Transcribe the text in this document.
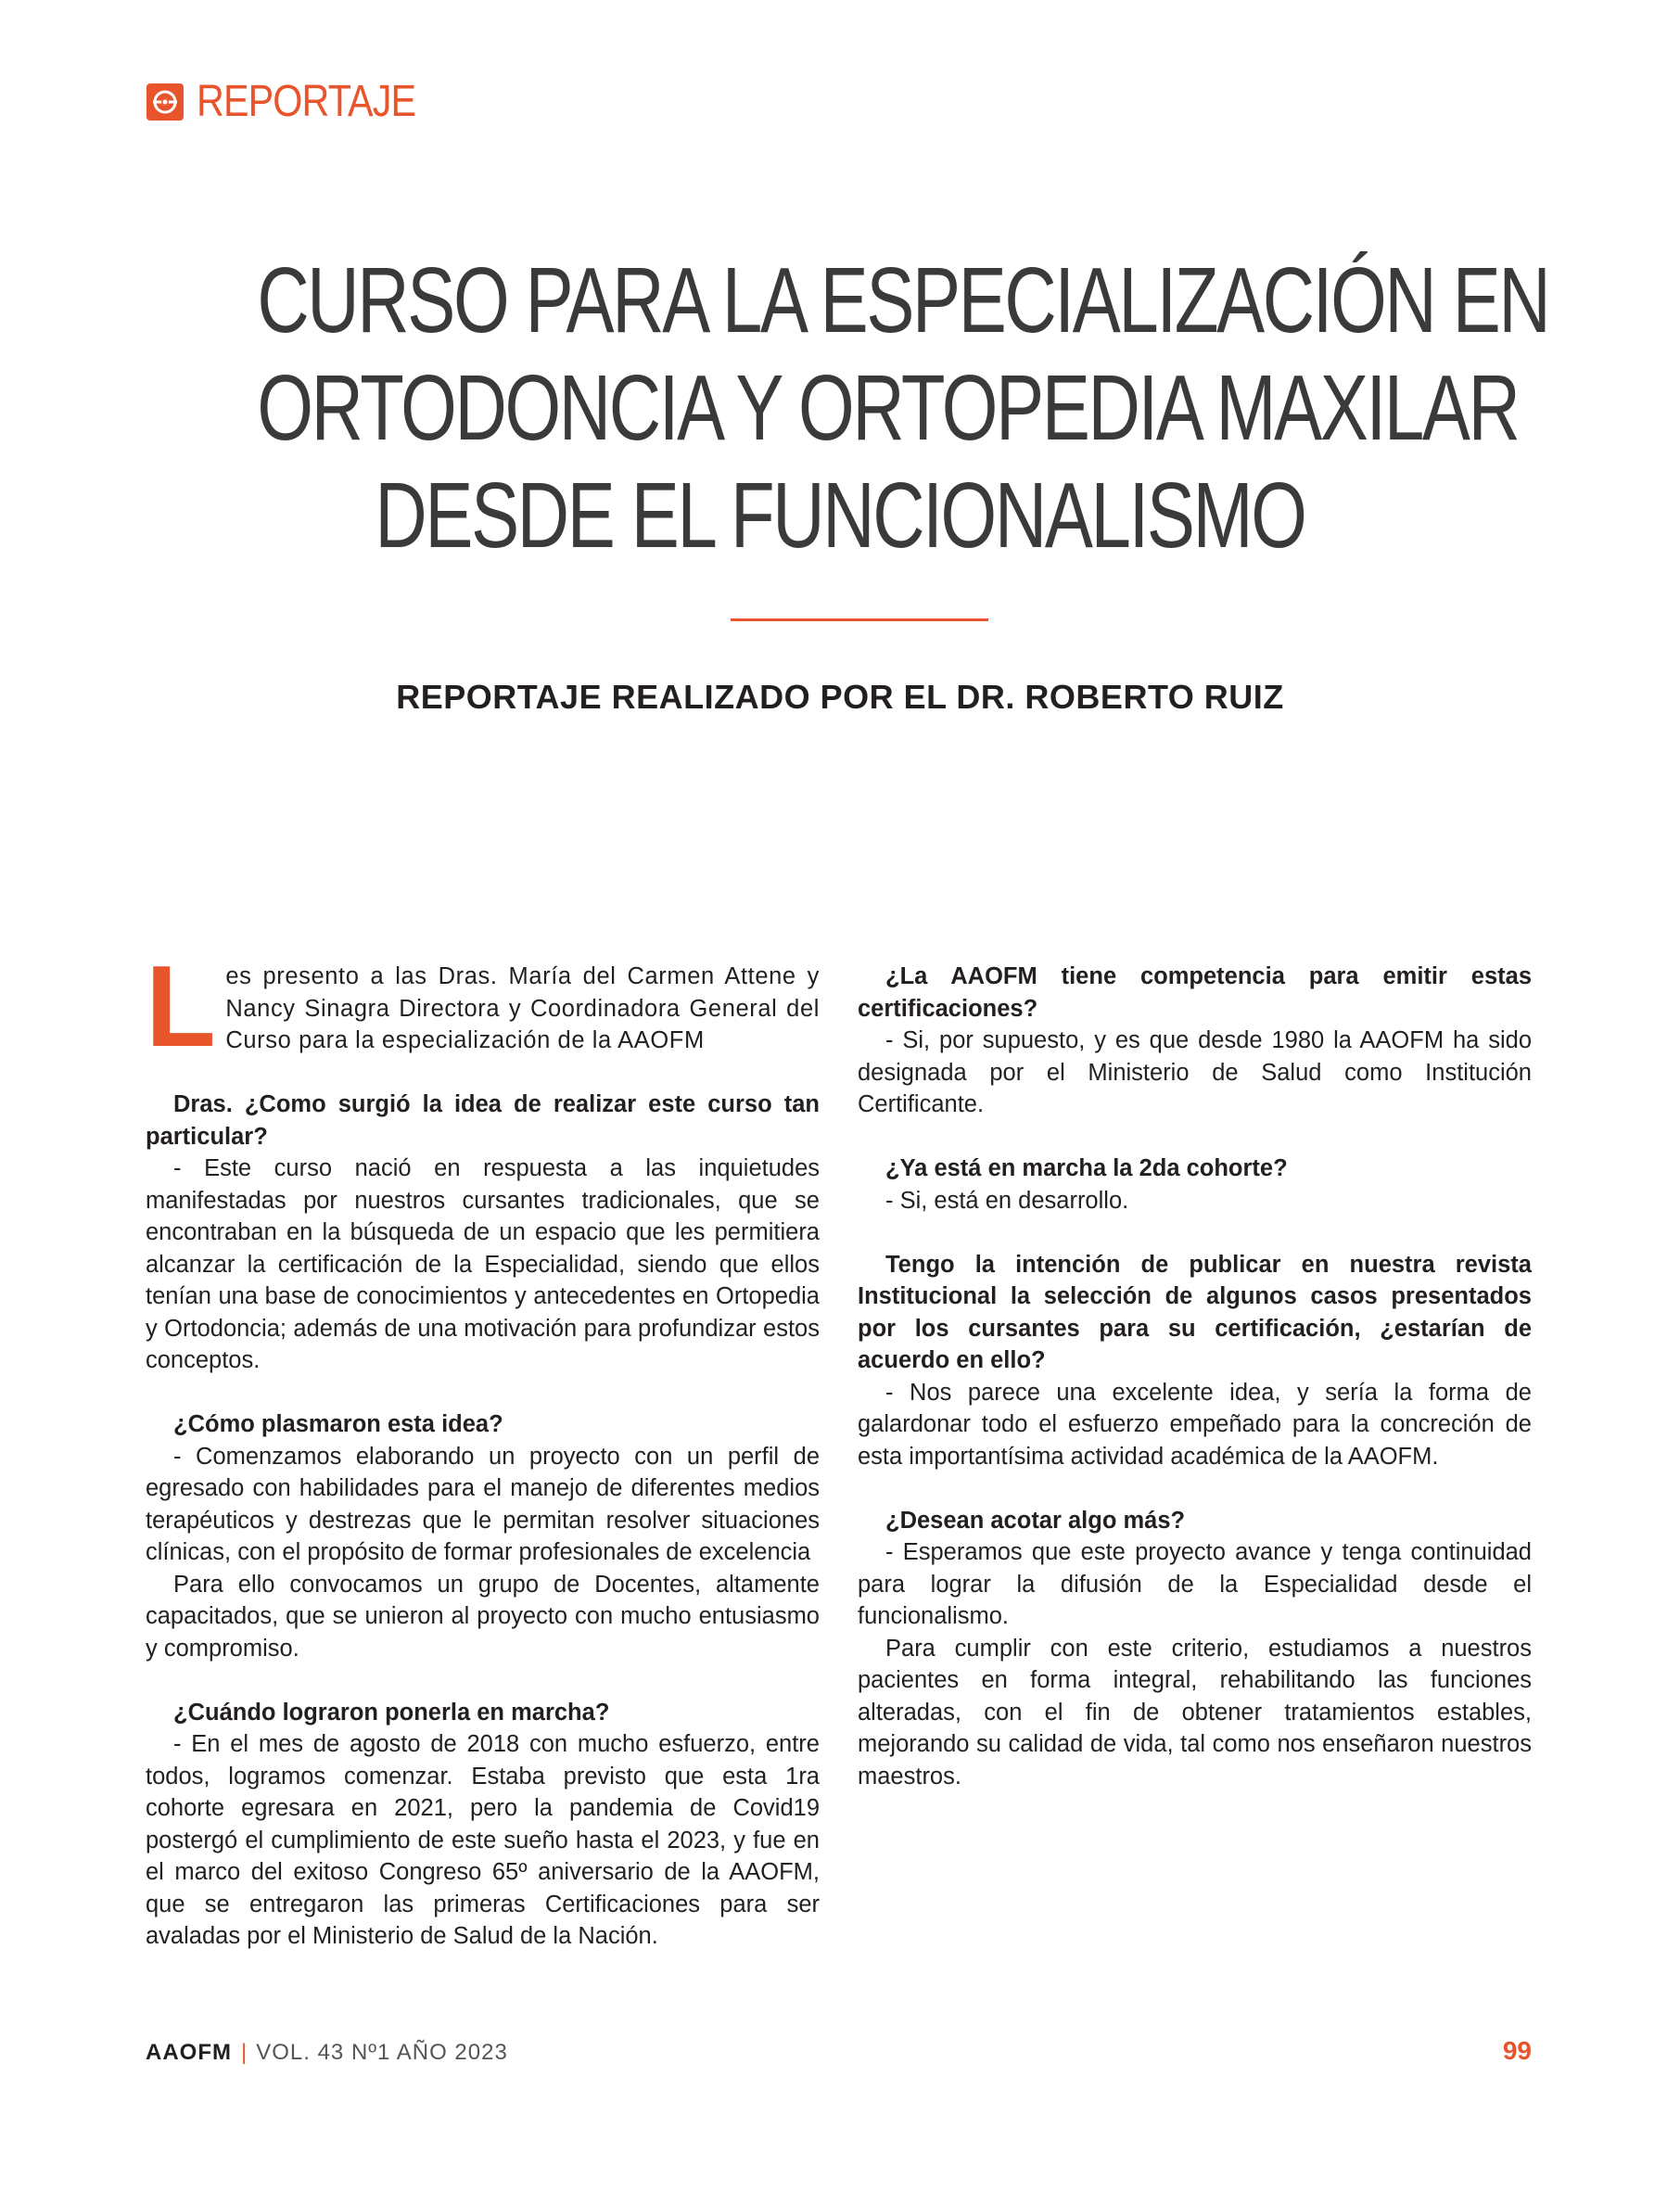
REPORTAJE
CURSO PARA LA ESPECIALIZACIÓN EN
ORTODONCIA Y ORTOPEDIA MAXILAR
DESDE EL FUNCIONALISMO
REPORTAJE REALIZADO POR EL DR. ROBERTO RUIZ

Les presento a las Dras. María del Carmen Attene y Nancy Sinagra Directora y Coordinadora General del Curso para la especialización de la AAOFM

Dras. ¿Como surgió la idea de realizar este curso tan particular?

- Este curso nació en respuesta a las inquietudes manifestadas por nuestros cursantes tradicionales, que se encontraban en la búsqueda de un espacio que les permitiera alcanzar la certificación de la Especialidad, siendo que ellos tenían una base de conocimientos y antecedentes en Ortopedia y Ortodoncia; además de una motivación para profundizar estos conceptos.

¿Cómo plasmaron esta idea?

- Comenzamos elaborando un proyecto con un perfil de egresado con habilidades para el manejo de diferentes medios terapéuticos y destrezas que le permitan resolver situaciones clínicas, con el propósito de formar profesionales de excelencia

Para ello convocamos un grupo de Docentes, altamente capacitados, que se unieron al proyecto con mucho entusiasmo y compromiso.

¿Cuándo lograron ponerla en marcha?

- En el mes de agosto de 2018 con mucho esfuerzo, entre todos, logramos comenzar. Estaba previsto que esta 1ra cohorte egresara en 2021, pero la pandemia de Covid19 postergó el cumplimiento de este sueño hasta el 2023, y fue en el marco del exitoso Congreso 65º aniversario de la AAOFM, que se entregaron las primeras Certificaciones para ser avaladas por el Ministerio de Salud de la Nación.

¿La AAOFM tiene competencia para emitir estas certificaciones?

- Si, por supuesto, y es que desde 1980 la AAOFM ha sido designada por el Ministerio de Salud como Institución Certificante.

¿Ya está en marcha la 2da cohorte?

- Si, está en desarrollo.

Tengo la intención de publicar en nuestra revista Institucional la selección de algunos casos presentados por los cursantes para su certificación, ¿estarían de acuerdo en ello?

- Nos parece una excelente idea, y sería la forma de galardonar todo el esfuerzo empeñado para la concreción de esta importantísima actividad académica de la AAOFM.

¿Desean acotar algo más?

- Esperamos que este proyecto avance y tenga continuidad para lograr la difusión de la Especialidad desde el funcionalismo.

Para cumplir con este criterio, estudiamos a nuestros pacientes en forma integral, rehabilitando las funciones alteradas, con el fin de obtener tratamientos estables, mejorando su calidad de vida, tal como nos enseñaron nuestros maestros.

AAOFM | VOL. 43 Nº1 AÑO 2023	99
